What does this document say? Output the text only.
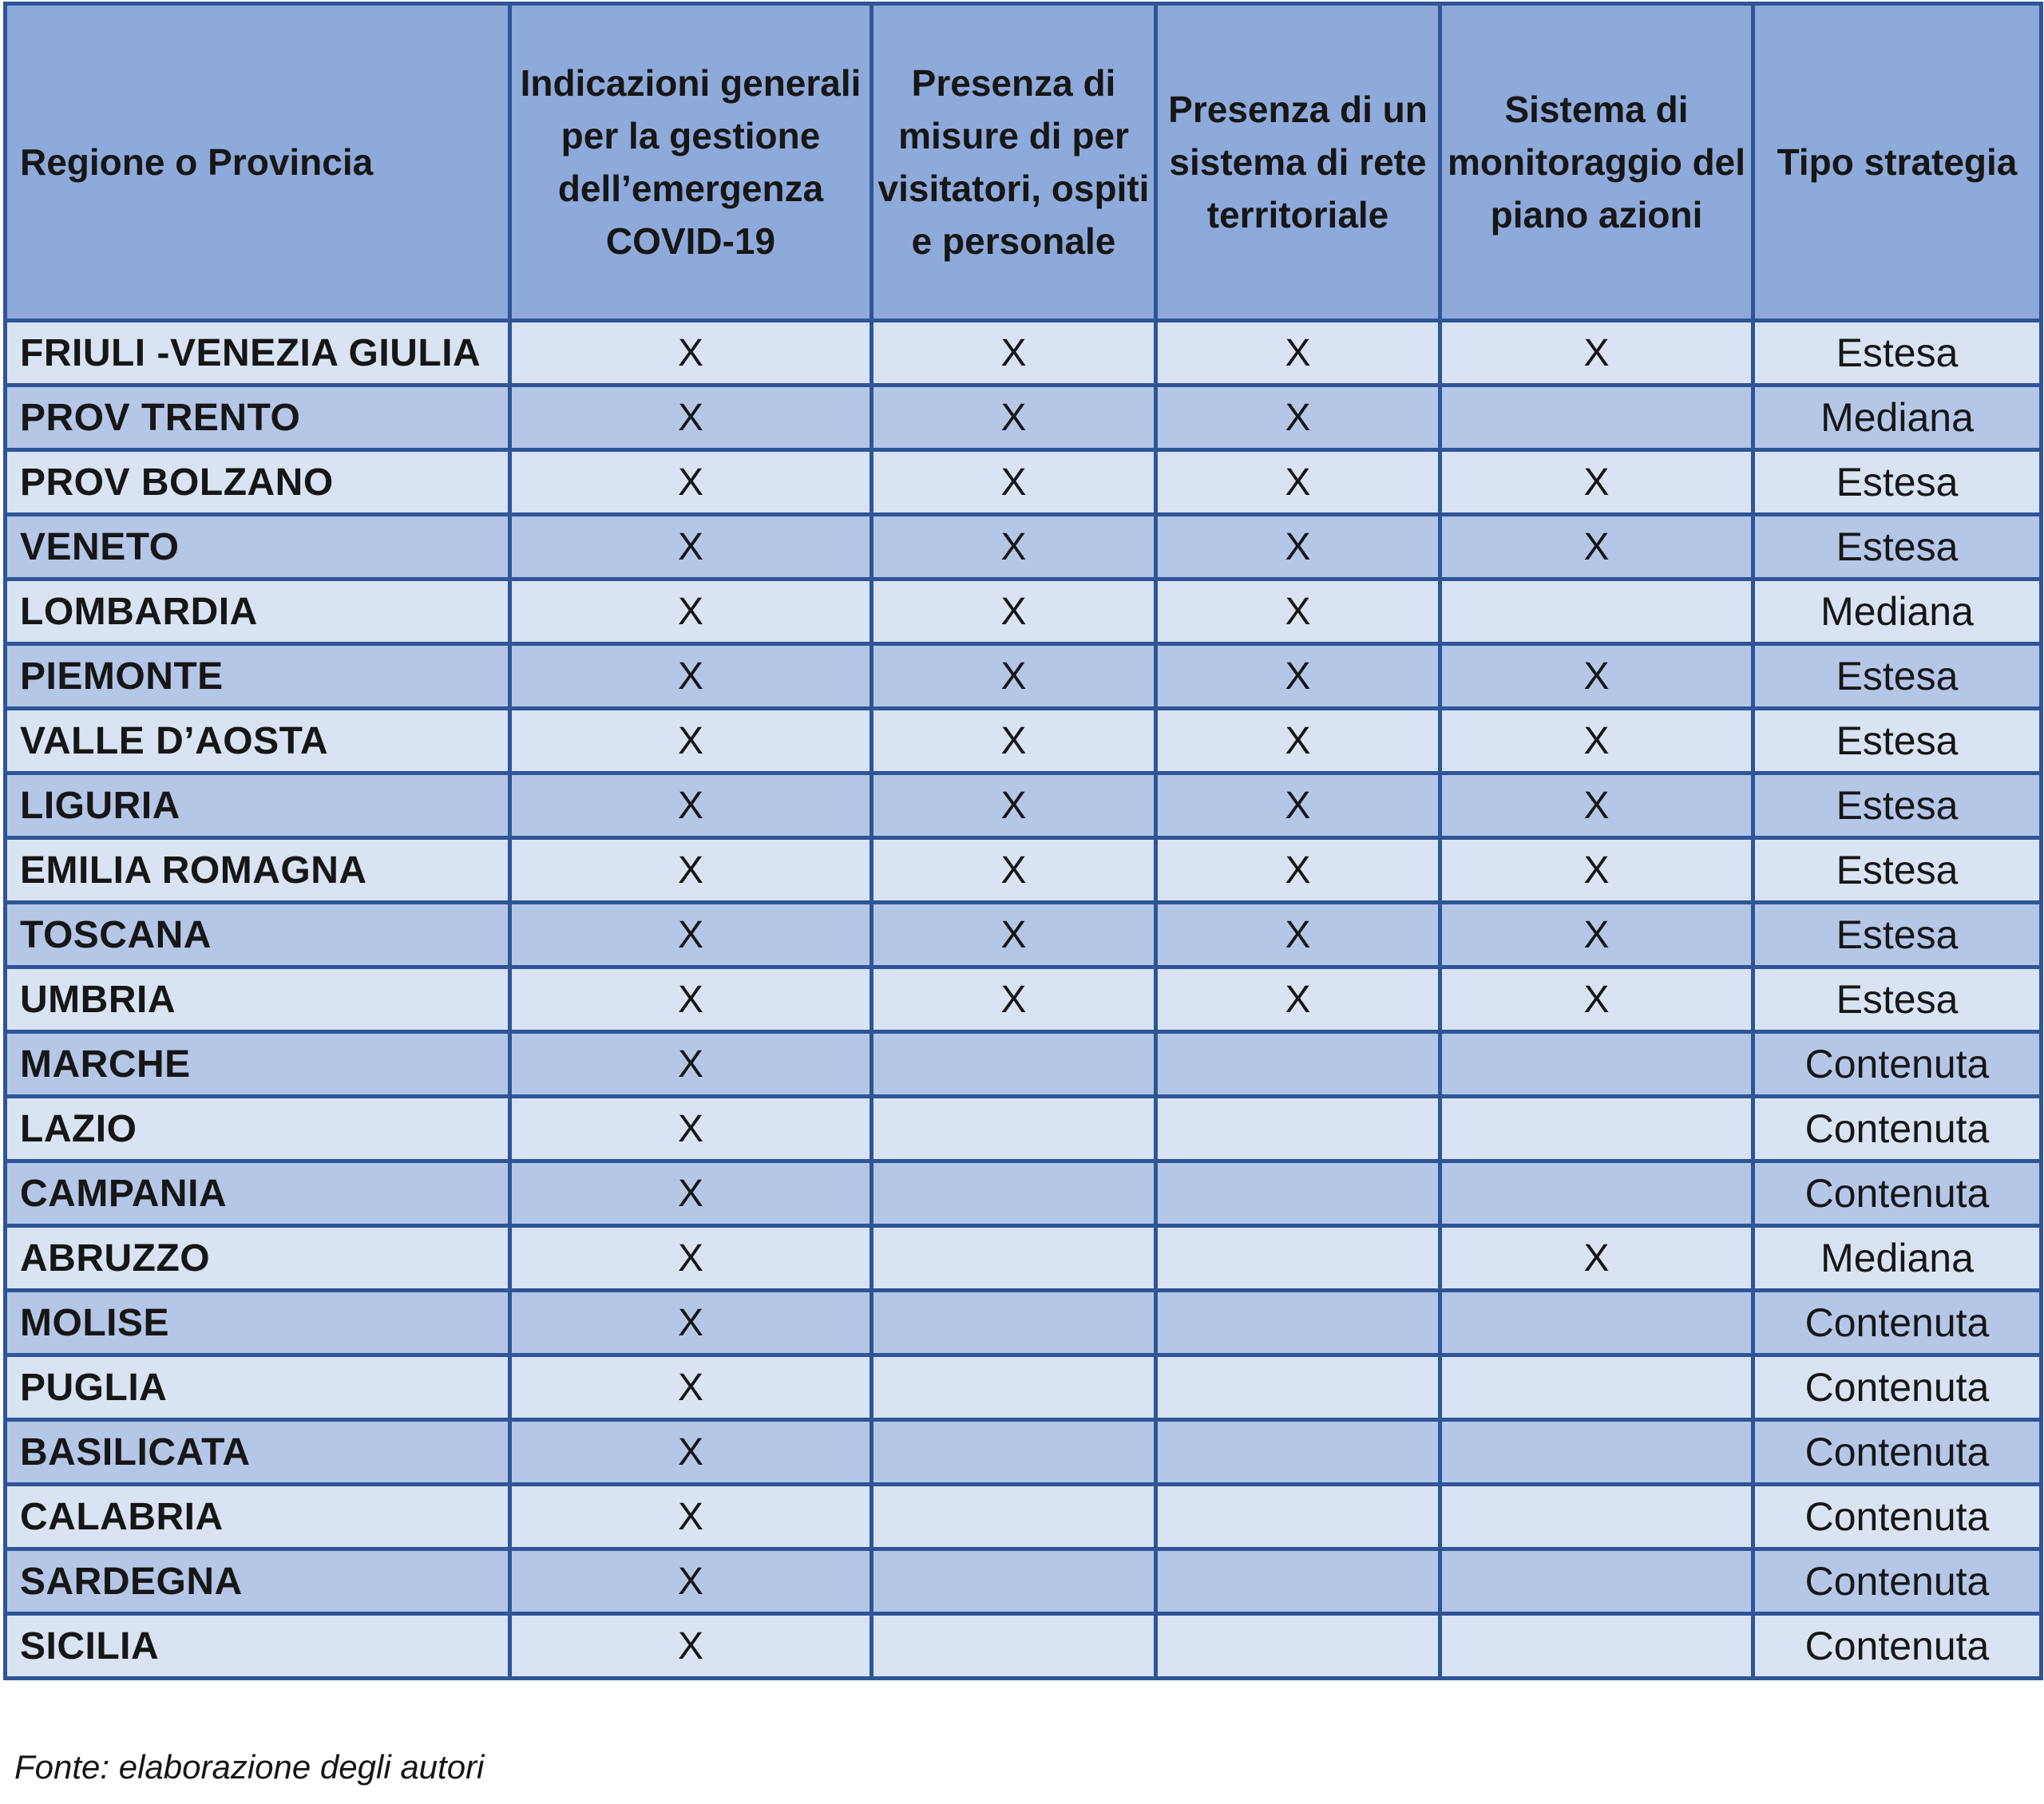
Regione o Provincia	Indicazioni generali per la gestione dell’emergenza COVID-19	Presenza di misure di per visitatori, ospiti e personale	Presenza di un sistema di rete territoriale	Sistema di monitoraggio del piano azioni	Tipo strategia
FRIULI -VENEZIA GIULIA	X	X	X	X	Estesa
PROV TRENTO	X	X	X		Mediana
PROV BOLZANO	X	X	X	X	Estesa
VENETO	X	X	X	X	Estesa
LOMBARDIA	X	X	X		Mediana
PIEMONTE	X	X	X	X	Estesa
VALLE D’AOSTA	X	X	X	X	Estesa
LIGURIA	X	X	X	X	Estesa
EMILIA ROMAGNA	X	X	X	X	Estesa
TOSCANA	X	X	X	X	Estesa
UMBRIA	X	X	X	X	Estesa
MARCHE	X				Contenuta
LAZIO	X				Contenuta
CAMPANIA	X				Contenuta
ABRUZZO	X			X	Mediana
MOLISE	X				Contenuta
PUGLIA	X				Contenuta
BASILICATA	X				Contenuta
CALABRIA	X				Contenuta
SARDEGNA	X				Contenuta
SICILIA	X				Contenuta
Fonte: elaborazione degli autori
